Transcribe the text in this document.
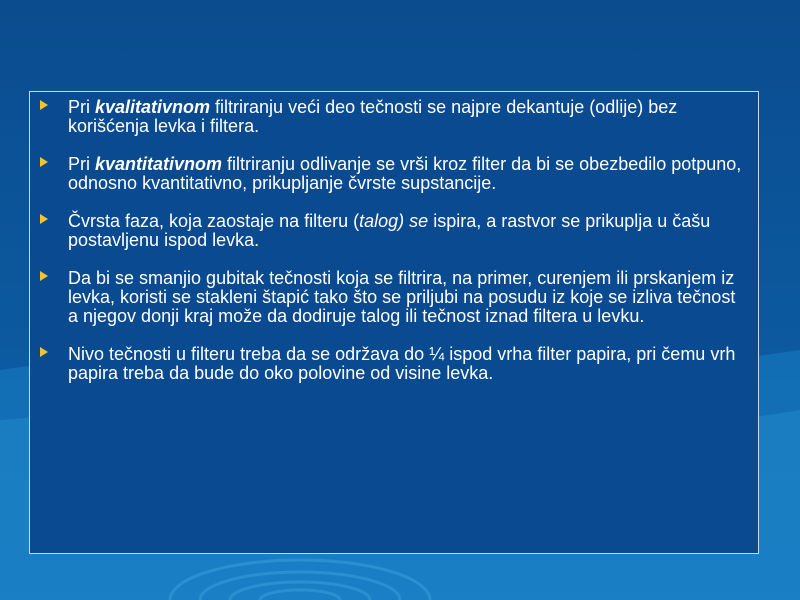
Pri kvalitativnom filtriranju veći deo tečnosti se najpre dekantuje (odlije) bez korišćenja levka i filtera.
Pri kvantitativnom filtriranju odlivanje se vrši kroz filter da bi se obezbedilo potpuno, odnosno kvantitativno, prikupljanje čvrste supstancije.
Čvrsta faza, koja zaostaje na filteru (talog) se ispira, a rastvor se prikuplja u čašu postavljenu ispod levka.
Da bi se smanjio gubitak tečnosti koja se filtrira, na primer, curenjem ili prskanjem iz levka, koristi se stakleni štapić tako što se prilјubi na posudu iz koje se izliva tečnost a njegov donji kraj može da dodiruje talog ili tečnost iznad filtera u levku.
Nivo tečnosti u filteru treba da se održava do ¼ ispod vrha filter papira, pri čemu vrh papira treba da bude do oko polovine od visine levka.
